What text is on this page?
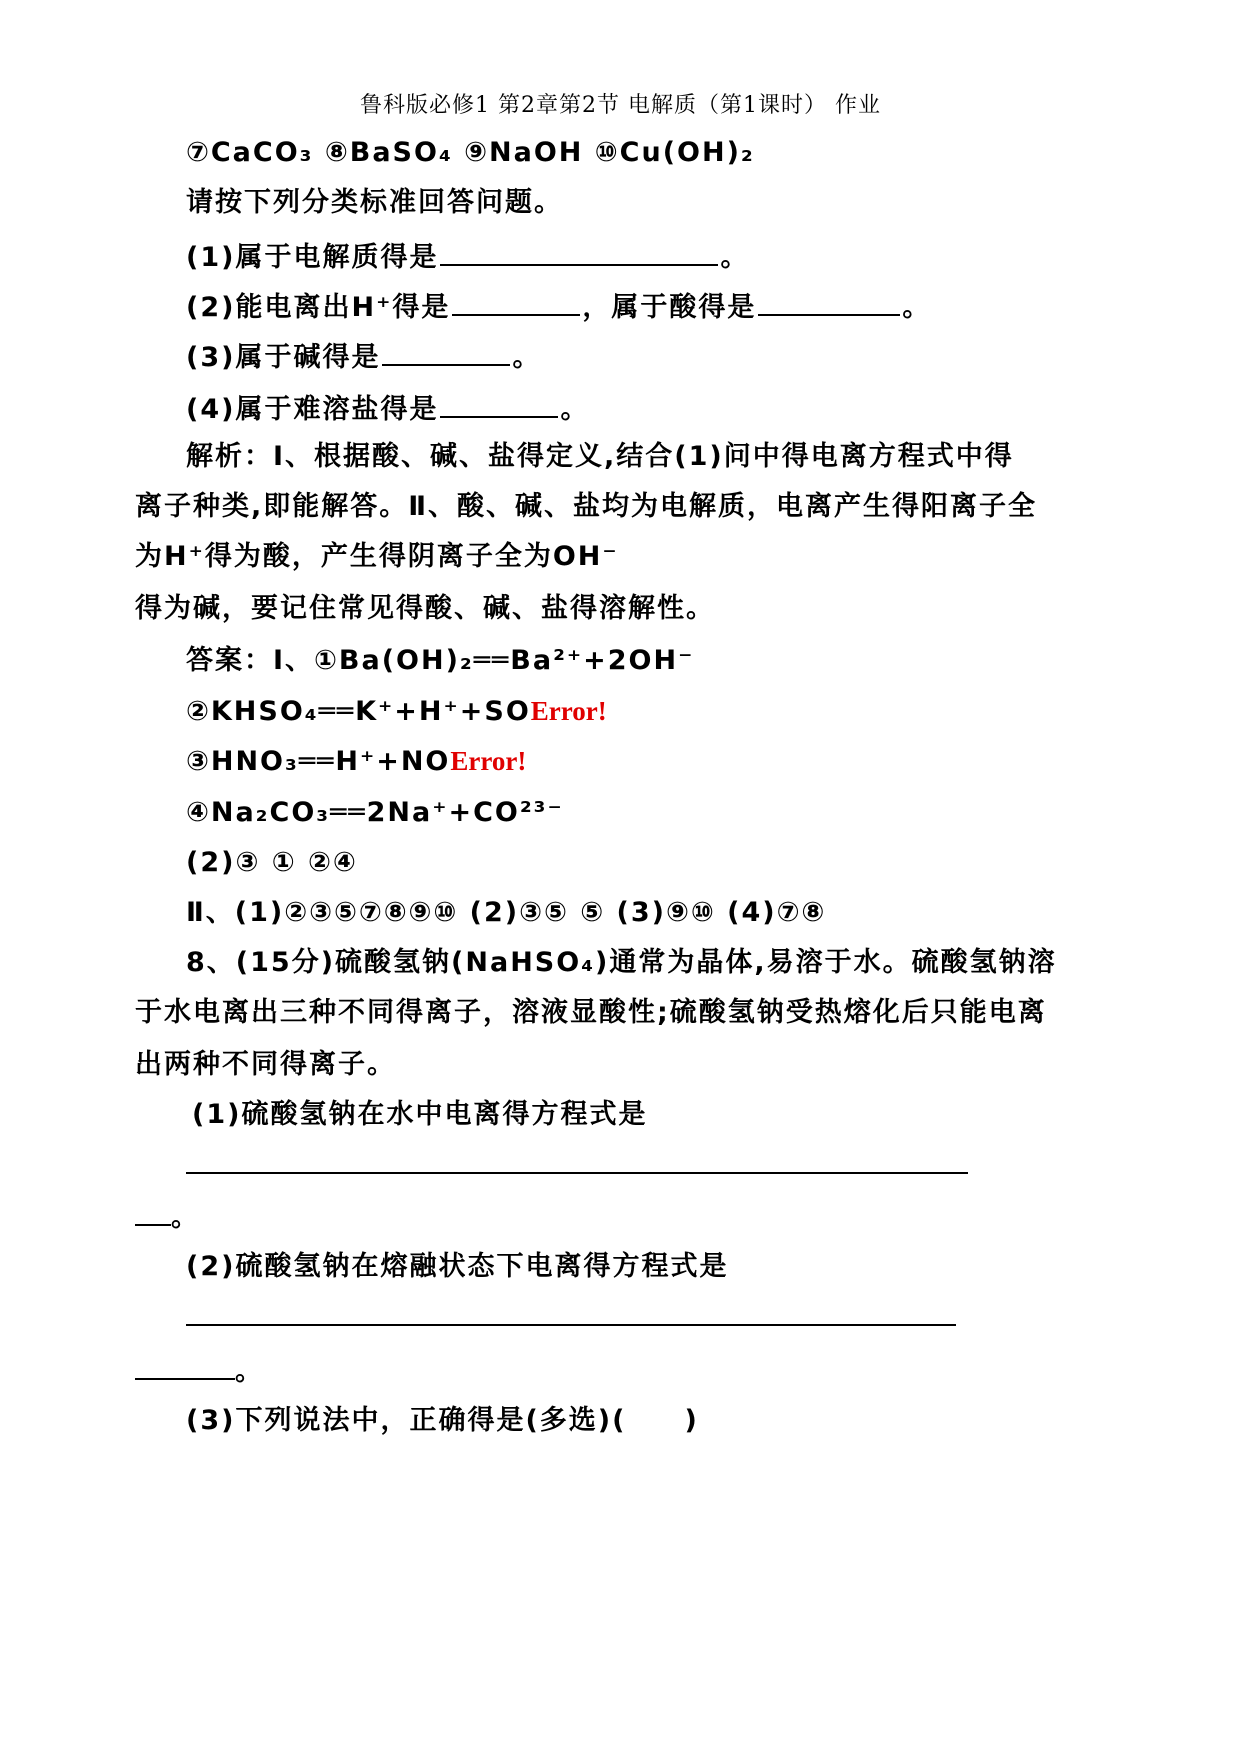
鲁科版必修1 第2章第2节 电解质（第1课时） 作业
⑦CaCO₃ ⑧BaSO₄ ⑨NaOH ⑩Cu(OH)₂
请按下列分类标准回答问题。
(1)属于电解质得是	。
(2)能电离出H⁺得是	，属于酸得是	。
(3)属于碱得是	。
(4)属于难溶盐得是	。
解析：Ⅰ、根据酸、碱、盐得定义,结合(1)问中得电离方程式中得
离子种类,即能解答。Ⅱ、酸、碱、盐均为电解质，电离产生得阳离子全
为H⁺得为酸，产生得阴离子全为OH⁻
得为碱，要记住常见得酸、碱、盐得溶解性。
答案：Ⅰ、①Ba(OH)₂══Ba²⁺+2OH⁻
②KHSO₄══K⁺+H⁺+SOError!
③HNO₃══H⁺+NOError!
④Na₂CO₃══2Na⁺+CO²³⁻
(2)③ ① ②④
Ⅱ、(1)②③⑤⑦⑧⑨⑩ (2)③⑤ ⑤ (3)⑨⑩ (4)⑦⑧
8、(15分)硫酸氢钠(NaHSO₄)通常为晶体,易溶于水。硫酸氢钠溶
于水电离出三种不同得离子，溶液显酸性;硫酸氢钠受热熔化后只能电离
出两种不同得离子。
(1)硫酸氢钠在水中电离得方程式是
。
(2)硫酸氢钠在熔融状态下电离得方程式是
。
(3)下列说法中，正确得是(多选)(　　)
